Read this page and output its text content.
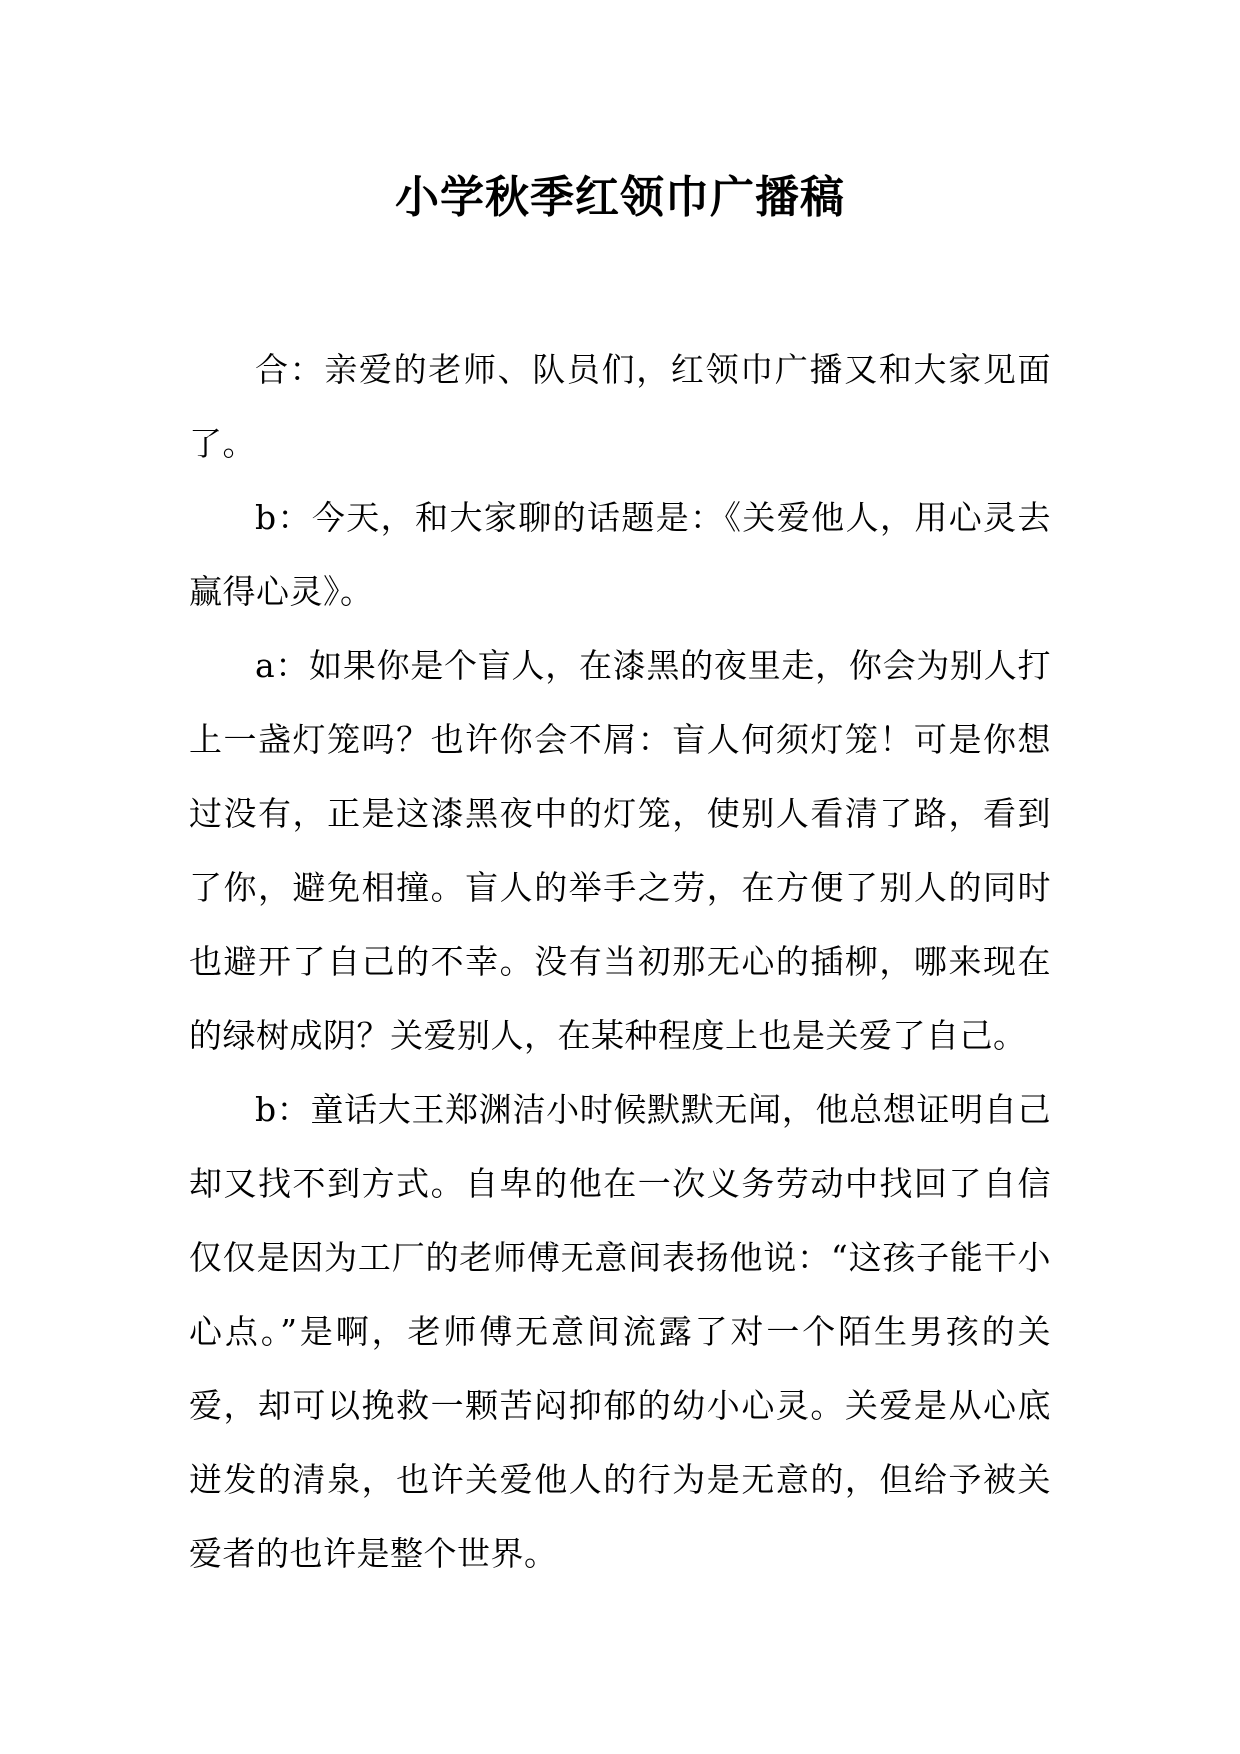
小学秋季红领巾广播稿

合：亲爱的老师、队员们，红领巾广播又和大家见面了。

b：今天，和大家聊的话题是：《关爱他人，用心灵去赢得心灵》。

a：如果你是个盲人，在漆黑的夜里走，你会为别人打上一盏灯笼吗？也许你会不屑：盲人何须灯笼！可是你想过没有，正是这漆黑夜中的灯笼，使别人看清了路，看到了你，避免相撞。盲人的举手之劳，在方便了别人的同时也避开了自己的不幸。没有当初那无心的插柳，哪来现在的绿树成阴？关爱别人，在某种程度上也是关爱了自己。

b：童话大王郑渊洁小时候默默无闻，他总想证明自己却又找不到方式。自卑的他在一次义务劳动中找回了自信仅仅是因为工厂的老师傅无意间表扬他说：“这孩子能干小心点。”是啊，老师傅无意间流露了对一个陌生男孩的关爱，却可以挽救一颗苦闷抑郁的幼小心灵。关爱是从心底迸发的清泉，也许关爱他人的行为是无意的，但给予被关爱者的也许是整个世界。
